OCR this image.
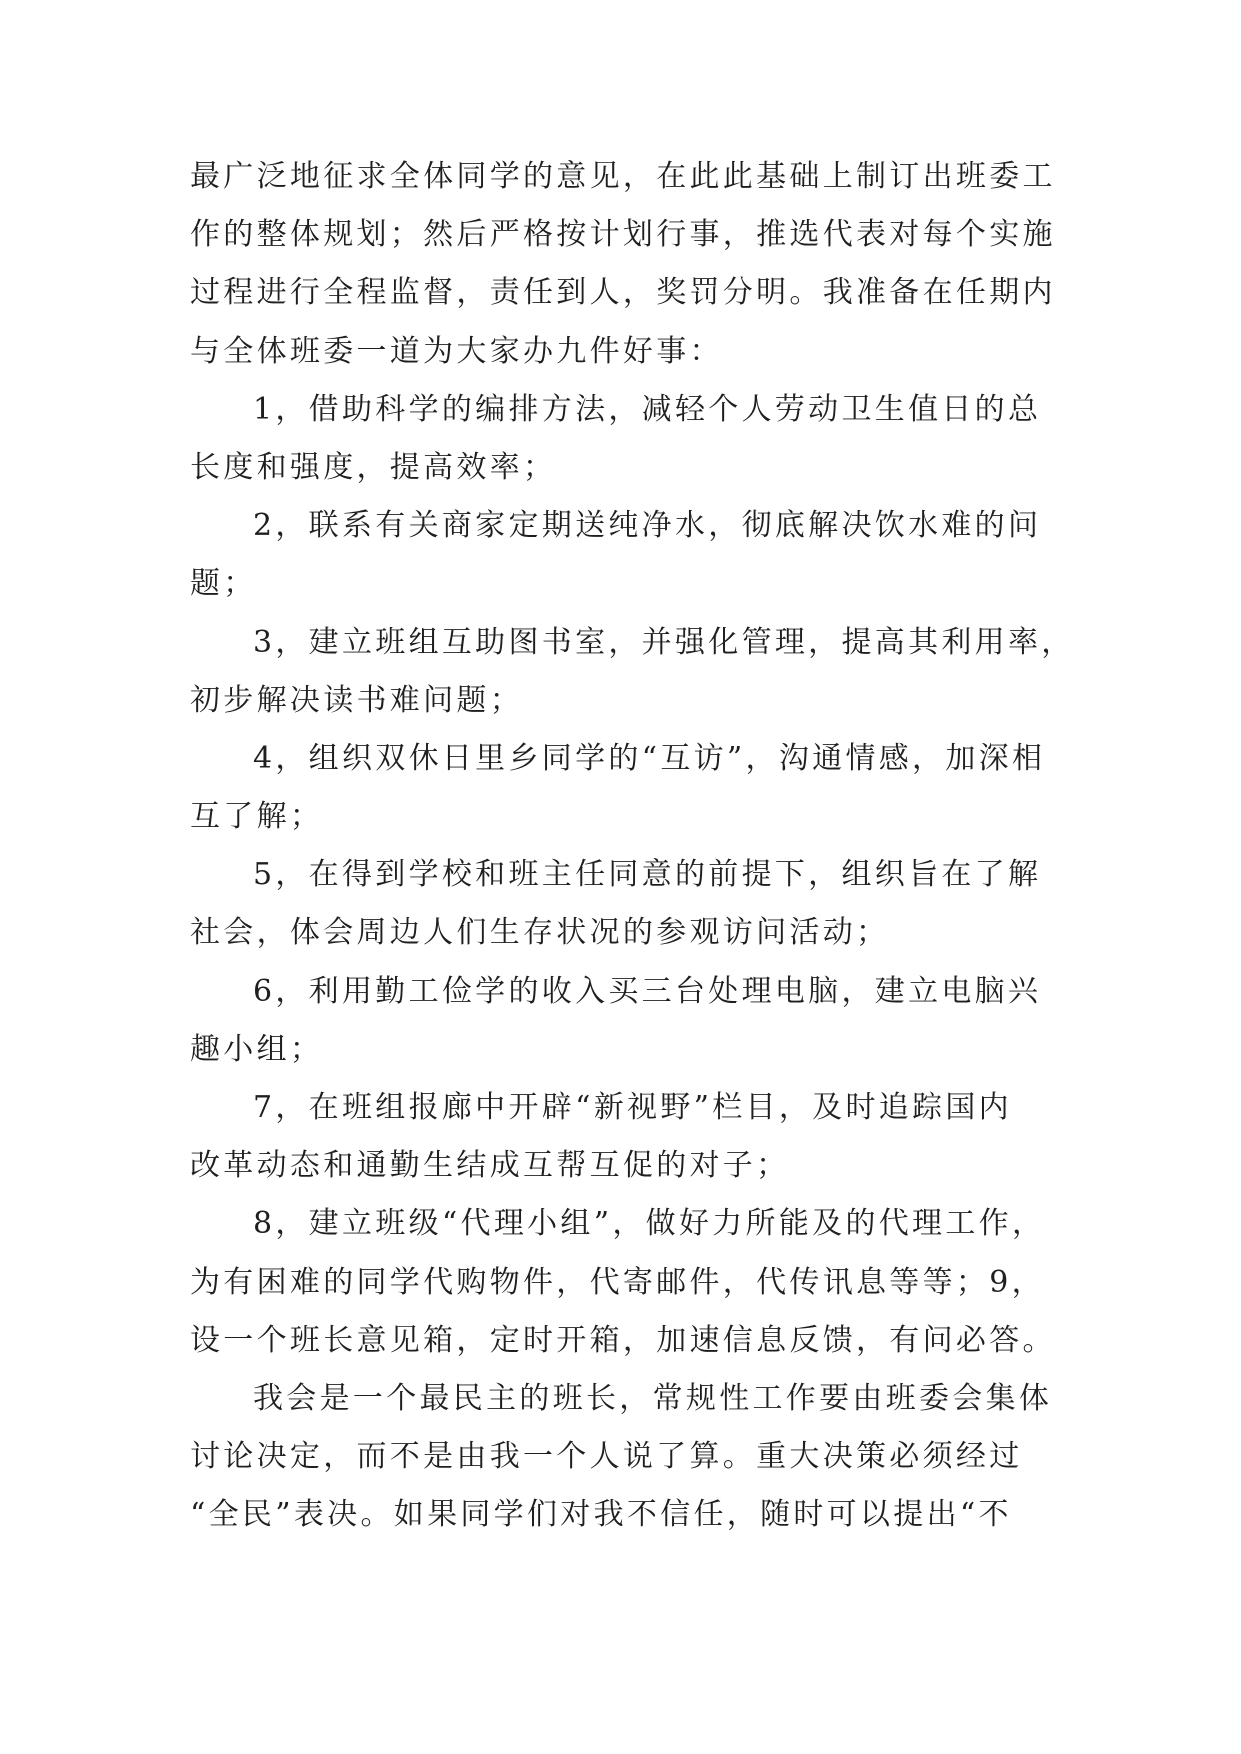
最广泛地征求全体同学的意见，在此此基础上制订出班委工
作的整体规划；然后严格按计划行事，推选代表对每个实施
过程进行全程监督，责任到人，奖罚分明。我准备在任期内
与全体班委一道为大家办九件好事：
1，借助科学的编排方法，减轻个人劳动卫生值日的总
长度和强度，提高效率；
2，联系有关商家定期送纯净水，彻底解决饮水难的问
题；
3，建立班组互助图书室，并强化管理，提高其利用率，
初步解决读书难问题；
4，组织双休日里乡同学的“互访”，沟通情感，加深相
互了解；
5，在得到学校和班主任同意的前提下，组织旨在了解
社会，体会周边人们生存状况的参观访问活动；
6，利用勤工俭学的收入买三台处理电脑，建立电脑兴
趣小组；
7，在班组报廊中开辟“新视野”栏目，及时追踪国内
改革动态和通勤生结成互帮互促的对子；
8，建立班级“代理小组”，做好力所能及的代理工作，
为有困难的同学代购物件，代寄邮件，代传讯息等等；9，
设一个班长意见箱，定时开箱，加速信息反馈，有问必答。
我会是一个最民主的班长，常规性工作要由班委会集体
讨论决定，而不是由我一个人说了算。重大决策必须经过
“全民”表决。如果同学们对我不信任，随时可以提出“不
